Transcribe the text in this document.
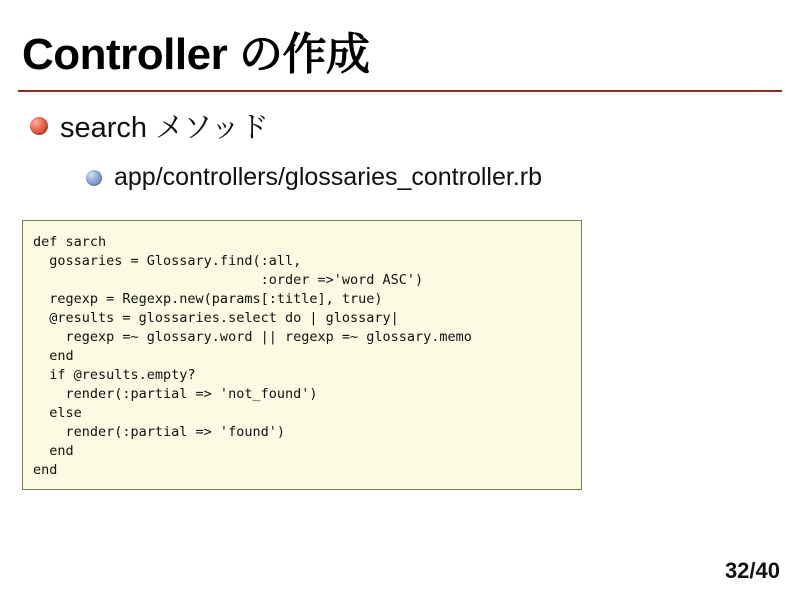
Controller の作成
search メソッド
app/controllers/glossaries_controller.rb
def sarch
gossaries = Glossary.find(:all,
:order =>'word ASC')
regexp = Regexp.new(params[:title], true)
@results = glossaries.select do | glossary|
regexp =~ glossary.word || regexp =~ glossary.memo
end
if @results.empty?
render(:partial => 'not_found')
else
render(:partial => 'found')
end
end
32/40
